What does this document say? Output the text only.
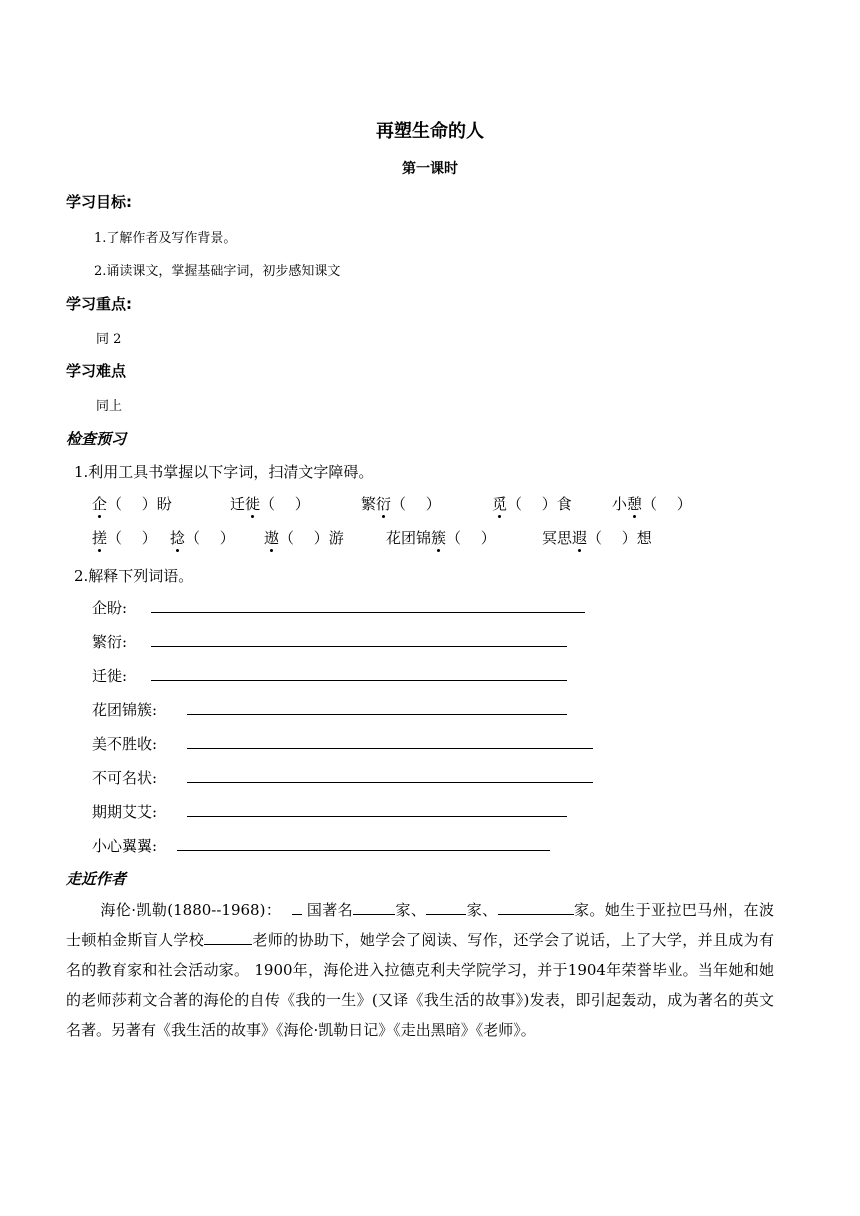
再塑生命的人
第一课时
学习目标:
1.了解作者及写作背景。
2.诵读课文，掌握基础字词，初步感知课文
学习重点:
同 2
学习难点
同上
检查预习
1.利用工具书掌握以下字词，扫清文字障碍。
企（　 ）盼	迁徙（　 ）	繁衍（　 ）	觅（　 ）食	小憩（　 ）
搓（　 ） 捻（　 ） 遨（　 ）游	花团锦簇（　 ）	冥思遐（　 ）想
2.解释下列词语。
企盼:
繁衍:
迁徙:
花团锦簇:
美不胜收:
不可名状:
期期艾艾:
小心翼翼:
走近作者
海伦·凯勒(1880--1968)： 国著名	家、	家、	家。她生于亚拉巴马州，在波士顿柏金斯盲人学校	老师的协助下，她学会了阅读、写作，还学会了说话，上了大学，并且成为有名的教育家和社会活动家。 1900年，海伦进入拉德克利夫学院学习，并于1904年荣誉毕业。当年她和她的老师莎莉文合著的海伦的自传《我的一生》(又译《我生活的故事》)发表，即引起轰动，成为著名的英文名著。另著有《我生活的故事》《海伦·凯勒日记》《走出黑暗》《老师》。
